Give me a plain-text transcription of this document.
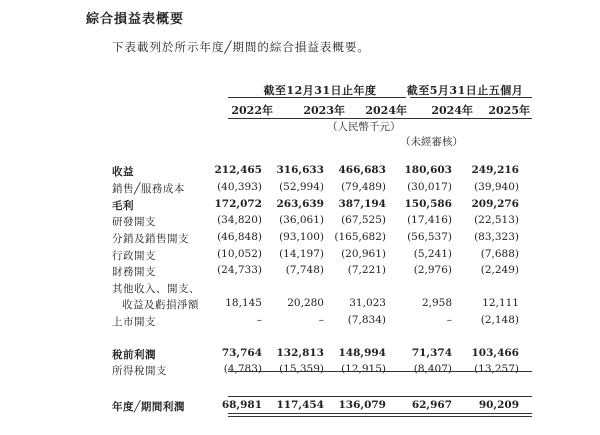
綜合損益表概要
下表載列於所示年度╱期間的綜合損益表概要。
截至12月31日止年度	截至5月31日止五個月
2022年	2023年	2024年	2024年	2025年
（人民幣千元）
（未經審核）
收益	212,465	316,633	466,683	180,603	249,216
銷售╱服務成本	(40,393)	(52,994)	(79,489)	(30,017)	(39,940)
毛利	172,072	263,639	387,194	150,586	209,276
研發開支	(34,820)	(36,061)	(67,525)	(17,416)	(22,513)
分銷及銷售開支	(46,848)	(93,100) (165,682)	(56,537)	(83,323)
行政開支	(10,052)	(14,197)	(20,961)	(5,241)	(7,688)
財務開支	(24,733)	(7,748)	(7,221)	(2,976)	(2,249)
其他收入、開支、
收益及虧損淨額	18,145	20,280	31,023	2,958	12,111
上市開支	–	–	(7,834)	–	(2,148)
稅前利潤	73,764	132,813	148,994	71,374	103,466
所得稅開支	(4,783)	(15,359)	(12,915)	(8,407)	(13,257)
年度╱期間利潤	68,981	117,454	136,079	62,967	90,209
